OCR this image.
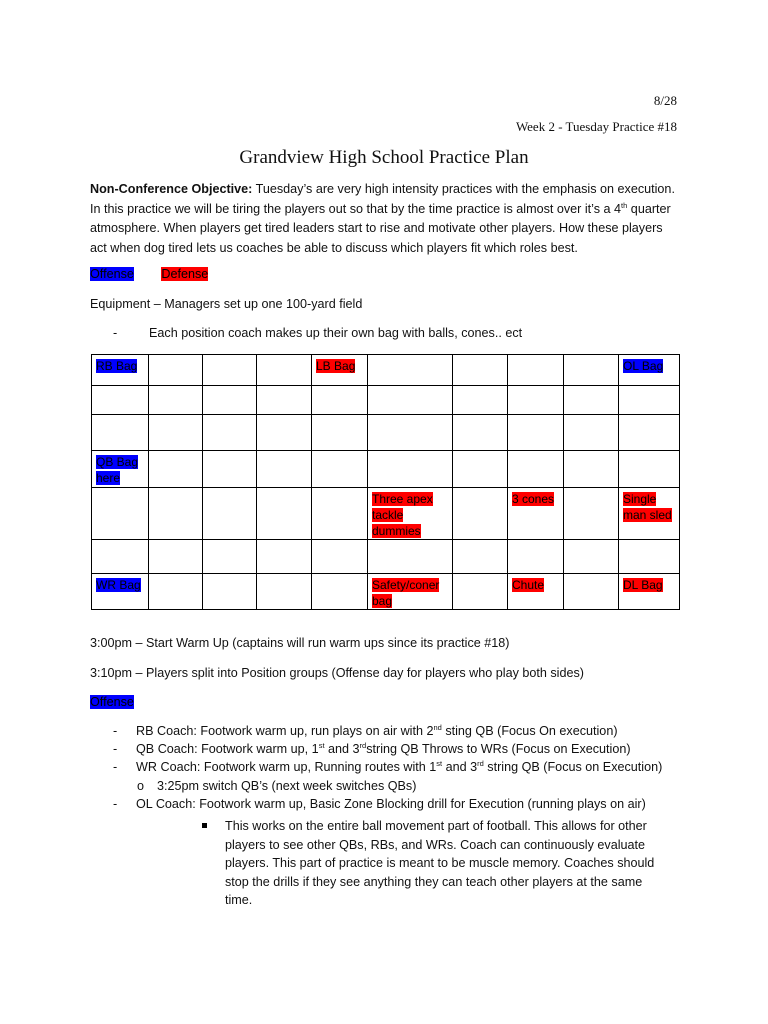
8/28
Week 2 - Tuesday Practice #18
Grandview High School Practice Plan
Non-Conference Objective: Tuesday’s are very high intensity practices with the emphasis on execution. In this practice we will be tiring the players out so that by the time practice is almost over it’s a 4th quarter atmosphere. When players get tired leaders start to rise and motivate other players. How these players act when dog tired lets us coaches be able to discuss which players fit which roles best.
Offense Defense
Equipment – Managers set up one 100-yard field
-	Each position coach makes up their own bag with balls, cones.. ect
RB Bag				LB Bag					OL Bag

QB Bag here									
					Three apex tackle dummies		3 cones		Single man sled

WR Bag					Safety/coner bag		Chute		DL Bag
3:00pm – Start Warm Up (captains will run warm ups since its practice #18)
3:10pm – Players split into Position groups (Offense day for players who play both sides)
Offense
- RB Coach: Footwork warm up, run plays on air with 2nd sting QB (Focus On execution)
- QB Coach: Footwork warm up, 1st and 3rdstring QB Throws to WRs (Focus on Execution)
- WR Coach: Footwork warm up, Running routes with 1st and 3rd string QB (Focus on Execution)
o 3:25pm switch QB’s (next week switches QBs)
- OL Coach: Footwork warm up, Basic Zone Blocking drill for Execution (running plays on air)
This works on the entire ball movement part of football. This allows for other players to see other QBs, RBs, and WRs. Coach can continuously evaluate players. This part of practice is meant to be muscle memory. Coaches should stop the drills if they see anything they can teach other players at the same time.
